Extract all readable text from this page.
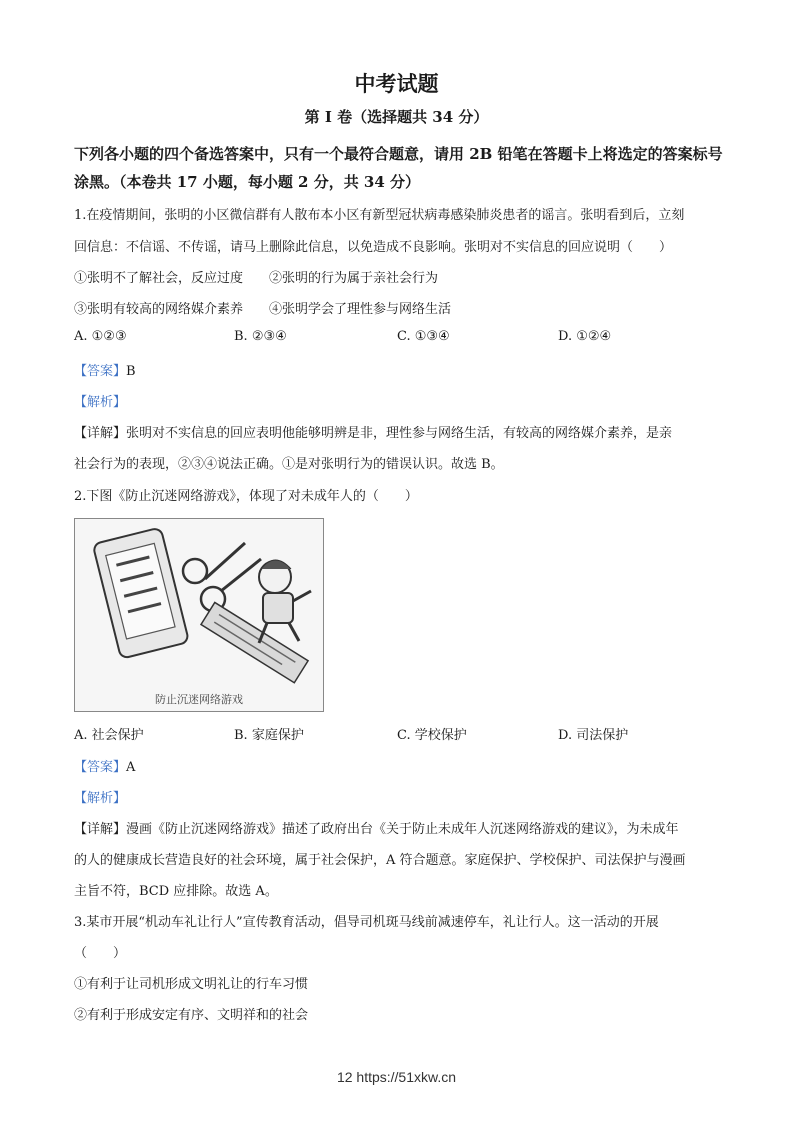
中考试题
第 I 卷（选择题共 34 分）
下列各小题的四个备选答案中，只有一个最符合题意，请用 2B 铅笔在答题卡上将选定的答案标号涂黑。（本卷共 17 小题，每小题 2 分，共 34 分）
1.在疫情期间，张明的小区微信群有人散布本小区有新型冠状病毒感染肺炎患者的谣言。张明看到后，立刻
回信息：不信谣、不传谣，请马上删除此信息，以免造成不良影响。张明对不实信息的回应说明（　　）
①张明不了解社会，反应过度　　②张明的行为属于亲社会行为
③张明有较高的网络媒介素养　　④张明学会了理性参与网络生活
A. ①②③	B. ②③④	C. ①③④	D. ①②④
【答案】B
【解析】
【详解】张明对不实信息的回应表明他能够明辨是非，理性参与网络生活，有较高的网络媒介素养，是亲
社会行为的表现，②③④说法正确。①是对张明行为的错误认识。故选 B。
2.下图《防止沉迷网络游戏》，体现了对未成年人的（　　）
防止沉迷网络游戏
A. 社会保护	B. 家庭保护	C. 学校保护	D. 司法保护
【答案】A
【解析】
【详解】漫画《防止沉迷网络游戏》描述了政府出台《关于防止未成年人沉迷网络游戏的建议》，为未成年
的人的健康成长营造良好的社会环境，属于社会保护，A 符合题意。家庭保护、学校保护、司法保护与漫画
主旨不符，BCD 应排除。故选 A。
3.某市开展“机动车礼让行人”宣传教育活动，倡导司机斑马线前减速停车，礼让行人。这一活动的开展
（　　）
①有利于让司机形成文明礼让的行车习惯
②有利于形成安定有序、文明祥和的社会
12 https://51xkw.cn
